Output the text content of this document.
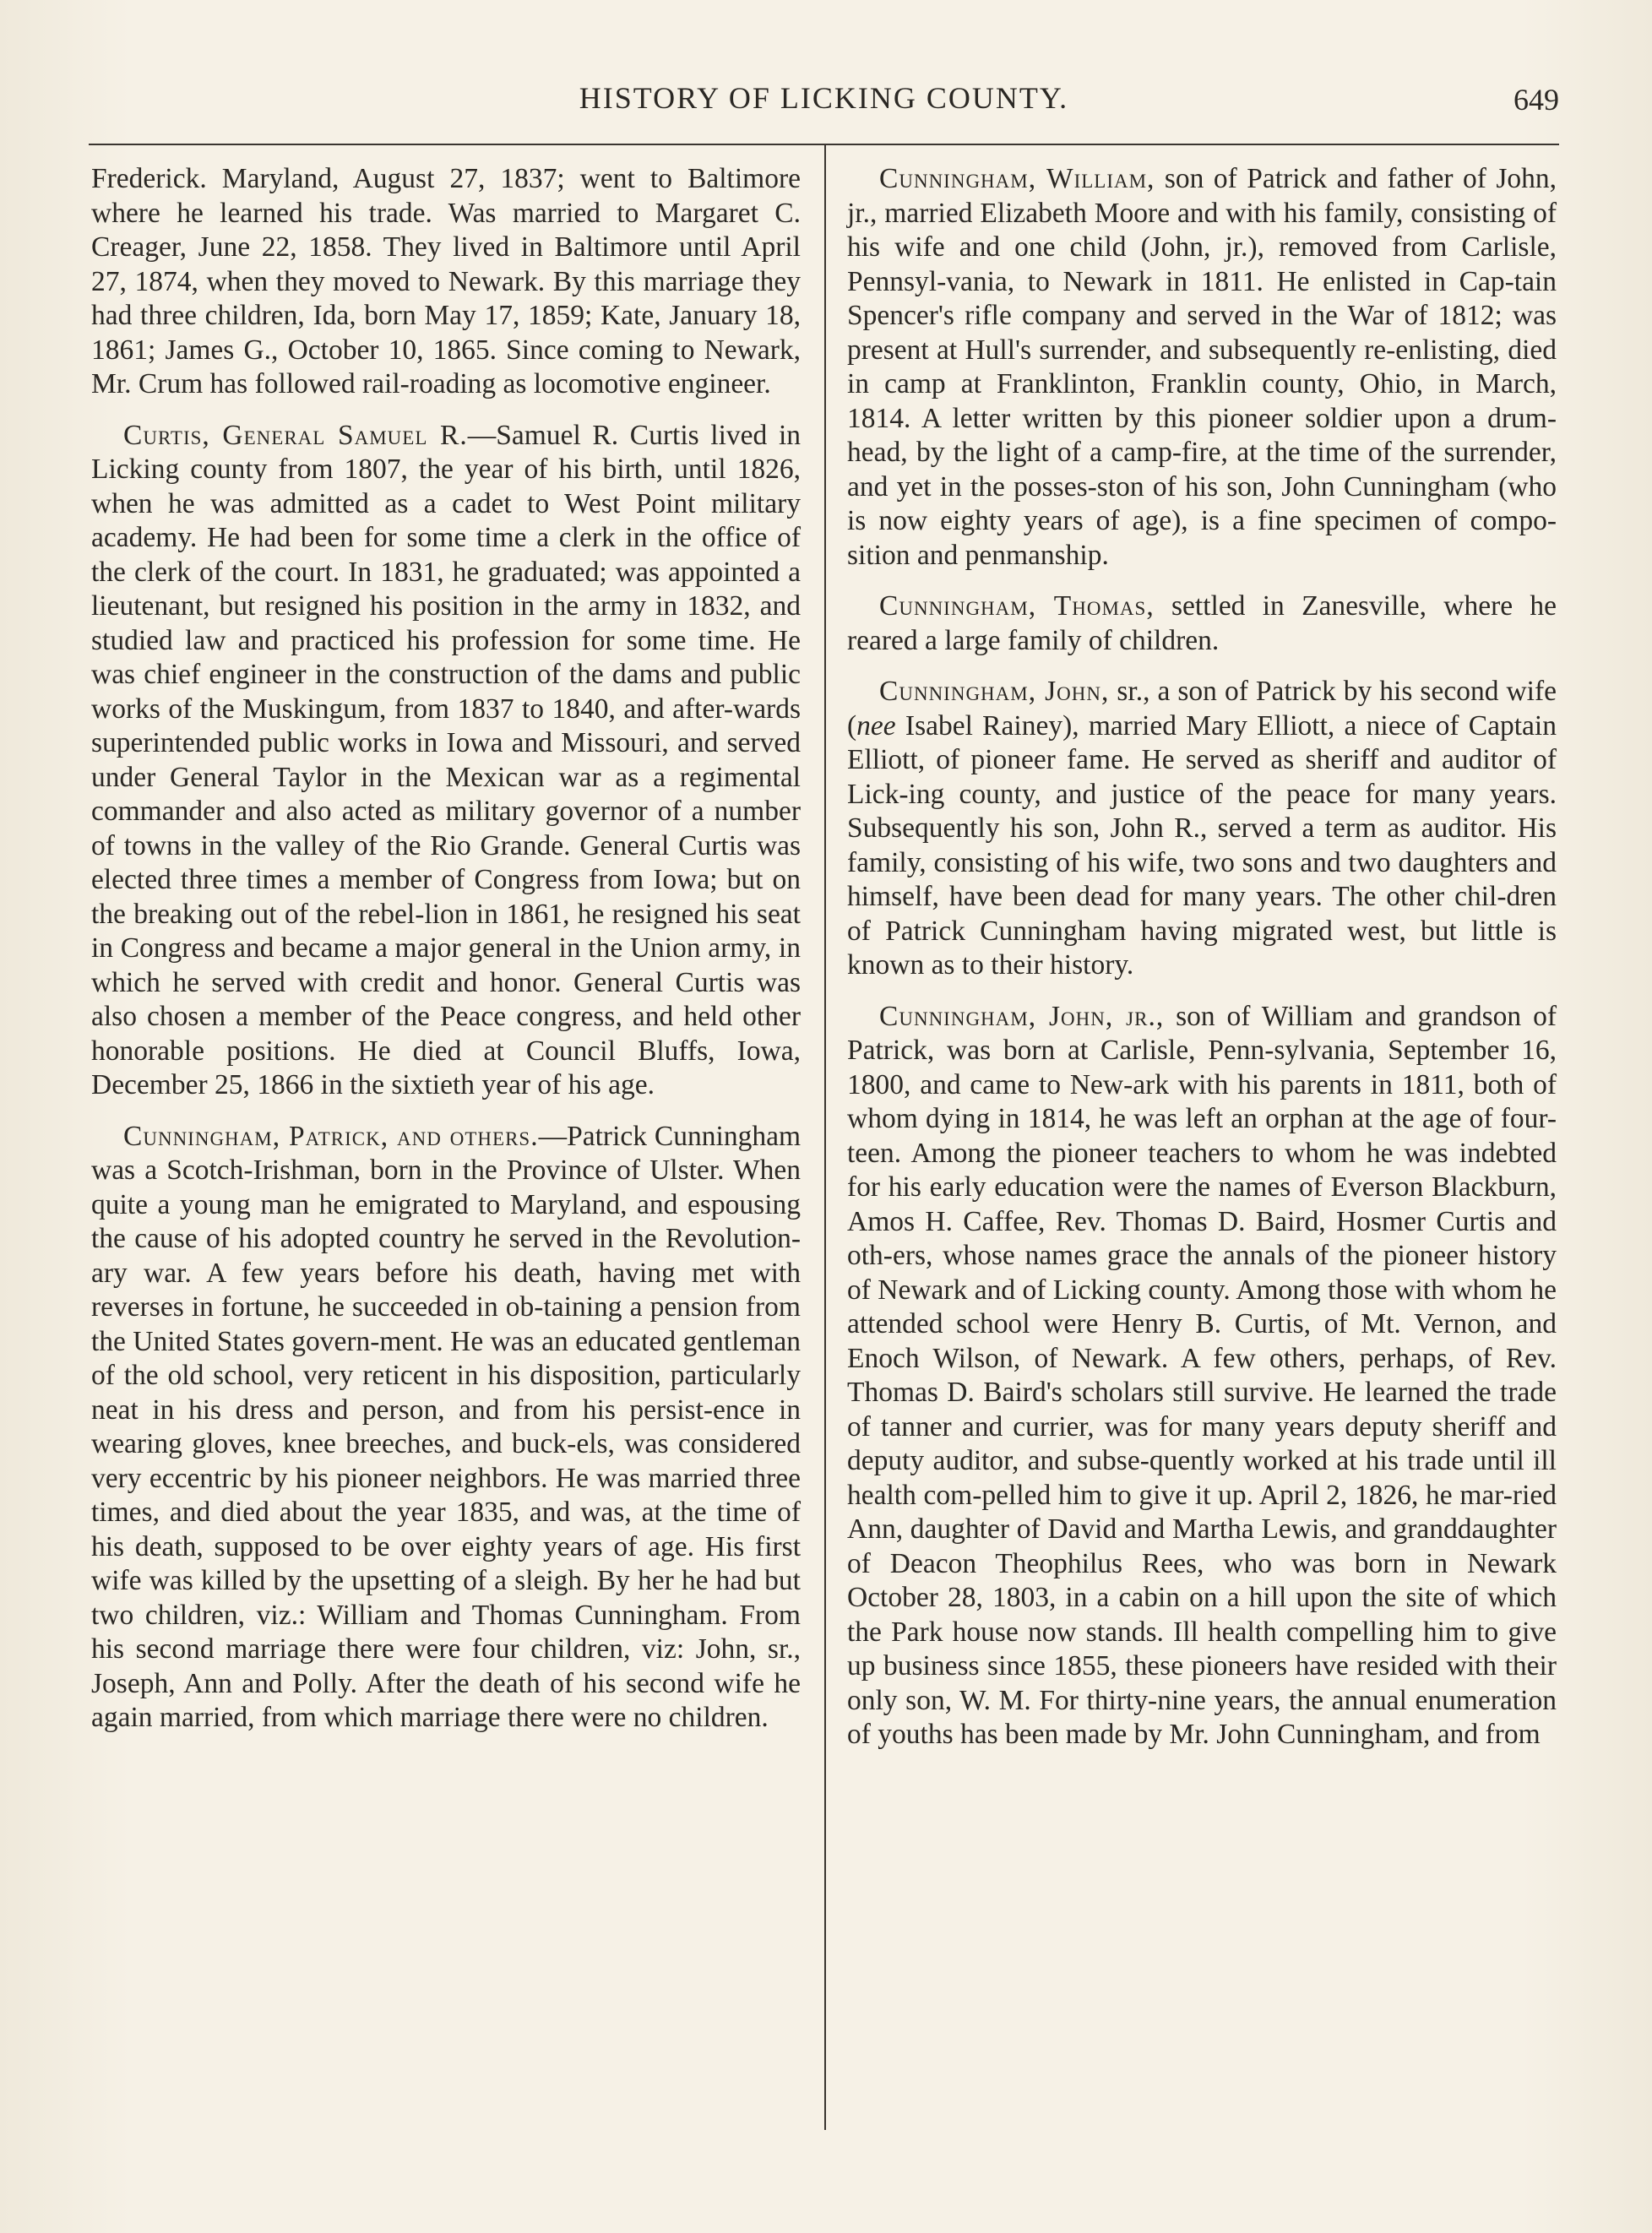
HISTORY OF LICKING COUNTY.	649

Frederick. Maryland, August 27, 1837; went to Baltimore where he learned his trade. Was married to Margaret C. Creager, June 22, 1858. They lived in Baltimore until April 27, 1874, when they moved to Newark. By this marriage they had three children, Ida, born May 17, 1859; Kate, January 18, 1861; James G., October 10, 1865. Since coming to Newark, Mr. Crum has followed rail-roading as locomotive engineer.

Curtis, General Samuel R.—Samuel R. Curtis lived in Licking county from 1807, the year of his birth, until 1826, when he was admitted as a cadet to West Point military academy. He had been for some time a clerk in the office of the clerk of the court. In 1831, he graduated; was appointed a lieutenant, but resigned his position in the army in 1832, and studied law and practiced his profession for some time. He was chief engineer in the construction of the dams and public works of the Muskingum, from 1837 to 1840, and after-wards superintended public works in Iowa and Missouri, and served under General Taylor in the Mexican war as a regimental commander and also acted as military governor of a number of towns in the valley of the Rio Grande. General Curtis was elected three times a member of Congress from Iowa; but on the breaking out of the rebel-lion in 1861, he resigned his seat in Congress and became a major general in the Union army, in which he served with credit and honor. General Curtis was also chosen a member of the Peace congress, and held other honorable positions. He died at Council Bluffs, Iowa, December 25, 1866 in the sixtieth year of his age.

Cunningham, Patrick, and others.—Patrick Cunningham was a Scotch-Irishman, born in the Province of Ulster. When quite a young man he emigrated to Maryland, and espousing the cause of his adopted country he served in the Revolution-ary war. A few years before his death, having met with reverses in fortune, he succeeded in ob-taining a pension from the United States govern-ment. He was an educated gentleman of the old school, very reticent in his disposition, particularly neat in his dress and person, and from his persist-ence in wearing gloves, knee breeches, and buck-els, was considered very eccentric by his pioneer neighbors. He was married three times, and died about the year 1835, and was, at the time of his death, supposed to be over eighty years of age. His first wife was killed by the upsetting of a sleigh. By her he had but two children, viz.: William and Thomas Cunningham. From his second marriage there were four children, viz: John, sr., Joseph, Ann and Polly. After the death of his second wife he again married, from which marriage there were no children.

Cunningham, William, son of Patrick and father of John, jr., married Elizabeth Moore and with his family, consisting of his wife and one child (John, jr.), removed from Carlisle, Pennsyl-vania, to Newark in 1811. He enlisted in Cap-tain Spencer's rifle company and served in the War of 1812; was present at Hull's surrender, and subsequently re-enlisting, died in camp at Franklinton, Franklin county, Ohio, in March, 1814. A letter written by this pioneer soldier upon a drum-head, by the light of a camp-fire, at the time of the surrender, and yet in the posses-ston of his son, John Cunningham (who is now eighty years of age), is a fine specimen of compo-sition and penmanship.

Cunningham, Thomas, settled in Zanesville, where he reared a large family of children.

Cunningham, John, sr., a son of Patrick by his second wife (nee Isabel Rainey), married Mary Elliott, a niece of Captain Elliott, of pioneer fame. He served as sheriff and auditor of Lick-ing county, and justice of the peace for many years. Subsequently his son, John R., served a term as auditor. His family, consisting of his wife, two sons and two daughters and himself, have been dead for many years. The other chil-dren of Patrick Cunningham having migrated west, but little is known as to their history.

Cunningham, John, jr., son of William and grandson of Patrick, was born at Carlisle, Penn-sylvania, September 16, 1800, and came to New-ark with his parents in 1811, both of whom dying in 1814, he was left an orphan at the age of four-teen. Among the pioneer teachers to whom he was indebted for his early education were the names of Everson Blackburn, Amos H. Caffee, Rev. Thomas D. Baird, Hosmer Curtis and oth-ers, whose names grace the annals of the pioneer history of Newark and of Licking county. Among those with whom he attended school were Henry B. Curtis, of Mt. Vernon, and Enoch Wilson, of Newark. A few others, perhaps, of Rev. Thomas D. Baird's scholars still survive. He learned the trade of tanner and currier, was for many years deputy sheriff and deputy auditor, and subse-quently worked at his trade until ill health com-pelled him to give it up. April 2, 1826, he mar-ried Ann, daughter of David and Martha Lewis, and granddaughter of Deacon Theophilus Rees, who was born in Newark October 28, 1803, in a cabin on a hill upon the site of which the Park house now stands. Ill health compelling him to give up business since 1855, these pioneers have resided with their only son, W. M. For thirty-nine years, the annual enumeration of youths has been made by Mr. John Cunningham, and from
